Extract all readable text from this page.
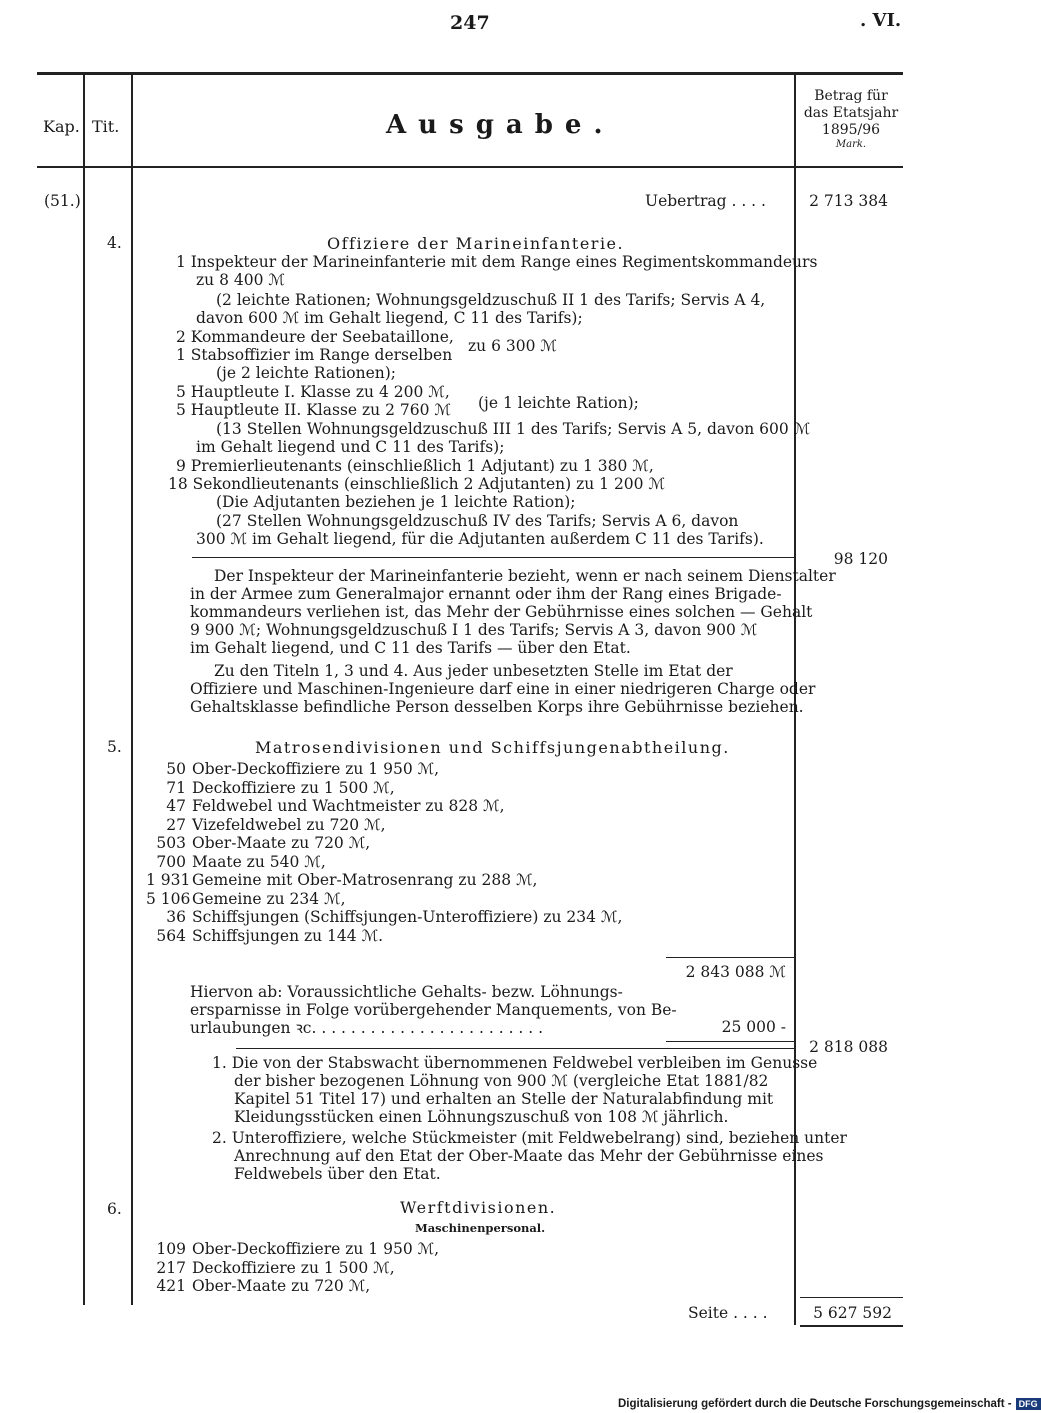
247	. VI.
Kap. Tit.	Ausgabe.
Betrag für
das Etatsjahr
1895/96
Mark.
(51.)	Uebertrag . . . .	2 713 384
4.	Offiziere der Marineinfanterie.
1 Inspekteur der Marineinfanterie mit dem Range eines Regimentskommandeurs
zu 8 400 ℳ
(2 leichte Rationen; Wohnungsgeldzuschuß II 1 des Tarifs; Servis A 4,
davon 600 ℳ im Gehalt liegend, C 11 des Tarifs);
2 Kommandeure der Seebataillone,
1 Stabsoffizier im Range derselben zu 6 300 ℳ
(je 2 leichte Rationen);
5 Hauptleute I. Klasse zu 4 200 ℳ,
5 Hauptleute II. Klasse zu 2 760 ℳ (je 1 leichte Ration);
(13 Stellen Wohnungsgeldzuschuß III 1 des Tarifs; Servis A 5, davon 600 ℳ
im Gehalt liegend und C 11 des Tarifs);
9 Premierlieutenants (einschließlich 1 Adjutant) zu 1 380 ℳ,
18 Sekondlieutenants (einschließlich 2 Adjutanten) zu 1 200 ℳ
(Die Adjutanten beziehen je 1 leichte Ration);
(27 Stellen Wohnungsgeldzuschuß IV des Tarifs; Servis A 6, davon
300 ℳ im Gehalt liegend, für die Adjutanten außerdem C 11 des Tarifs).
98 120
Der Inspekteur der Marineinfanterie bezieht, wenn er nach seinem Dienstalter
in der Armee zum Generalmajor ernannt oder ihm der Rang eines Brigade-
kommandeurs verliehen ist, das Mehr der Gebührnisse eines solchen — Gehalt
9 900 ℳ; Wohnungsgeldzuschuß I 1 des Tarifs; Servis A 3, davon 900 ℳ
im Gehalt liegend, und C 11 des Tarifs — über den Etat.
Zu den Titeln 1, 3 und 4. Aus jeder unbesetzten Stelle im Etat der
Offiziere und Maschinen-Ingenieure darf eine in einer niedrigeren Charge oder
Gehaltsklasse befindliche Person desselben Korps ihre Gebührnisse beziehen.
5.	Matrosendivisionen und Schiffsjungenabtheilung.
50 Ober-Deckoffiziere zu 1 950 ℳ,
71 Deckoffiziere zu 1 500 ℳ,
47 Feldwebel und Wachtmeister zu 828 ℳ,
27 Vizefeldwebel zu 720 ℳ,
503 Ober-Maate zu 720 ℳ,
700 Maate zu 540 ℳ,
1 931 Gemeine mit Ober-Matrosenrang zu 288 ℳ,
5 106 Gemeine zu 234 ℳ,
36 Schiffsjungen (Schiffsjungen-Unteroffiziere) zu 234 ℳ,
564 Schiffsjungen zu 144 ℳ.
2 843 088 ℳ
Hiervon ab: Voraussichtliche Gehalts- bezw. Löhnungs-
ersparnisse in Folge vorübergehender Manquements, von Be-
urlaubungen ꝛc. . . . . . . . . . . . . . . . . . . . . . . .	25 000 -
2 818 088
1. Die von der Stabswacht übernommenen Feldwebel verbleiben im Genusse
der bisher bezogenen Löhnung von 900 ℳ (vergleiche Etat 1881/82
Kapitel 51 Titel 17) und erhalten an Stelle der Naturalabfindung mit
Kleidungsstücken einen Löhnungszuschuß von 108 ℳ jährlich.
2. Unteroffiziere, welche Stückmeister (mit Feldwebelrang) sind, beziehen unter
Anrechnung auf den Etat der Ober-Maate das Mehr der Gebührnisse eines
Feldwebels über den Etat.
6.	Werftdivisionen.
Maschinenpersonal.
109 Ober-Deckoffiziere zu 1 950 ℳ,
217 Deckoffiziere zu 1 500 ℳ,
421 Ober-Maate zu 720 ℳ,
Seite . . . .	5 627 592
Digitalisierung gefördert durch die Deutsche Forschungsgemeinschaft - DFG
